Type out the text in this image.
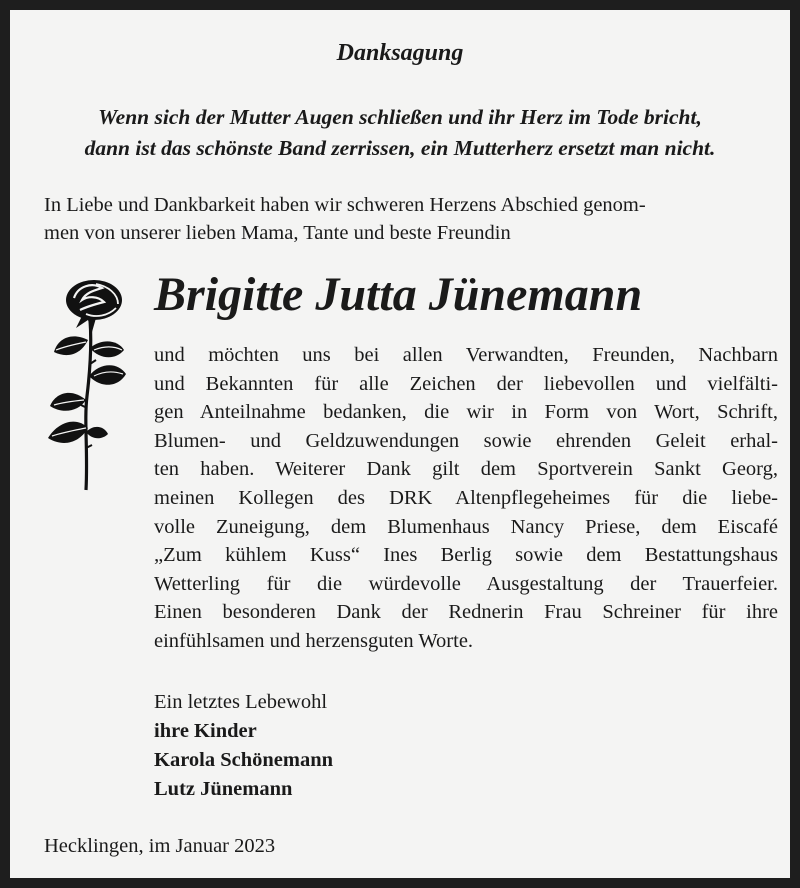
Danksagung
Wenn sich der Mutter Augen schließen und ihr Herz im Tode bricht,
dann ist das schönste Band zerrissen, ein Mutterherz ersetzt man nicht.
In Liebe und Dankbarkeit haben wir schweren Herzens Abschied genom-
men von unserer lieben Mama, Tante und beste Freundin
Brigitte Jutta Jünemann
und möchten uns bei allen Verwandten, Freunden, Nachbarn
und Bekannten für alle Zeichen der liebevollen und vielfälti-
gen Anteilnahme bedanken, die wir in Form von Wort, Schrift,
Blumen- und Geldzuwendungen sowie ehrenden Geleit erhal-
ten haben. Weiterer Dank gilt dem Sportverein Sankt Georg,
meinen Kollegen des DRK Altenpflegeheimes für die liebe-
volle Zuneigung, dem Blumenhaus Nancy Priese, dem Eiscafé
„Zum kühlem Kuss“ Ines Berlig sowie dem Bestattungshaus
Wetterling für die würdevolle Ausgestaltung der Trauerfeier.
Einen besonderen Dank der Rednerin Frau Schreiner für ihre
einfühlsamen und herzensguten Worte.
Ein letztes Lebewohl
ihre Kinder
Karola Schönemann
Lutz Jünemann
Hecklingen, im Januar 2023
